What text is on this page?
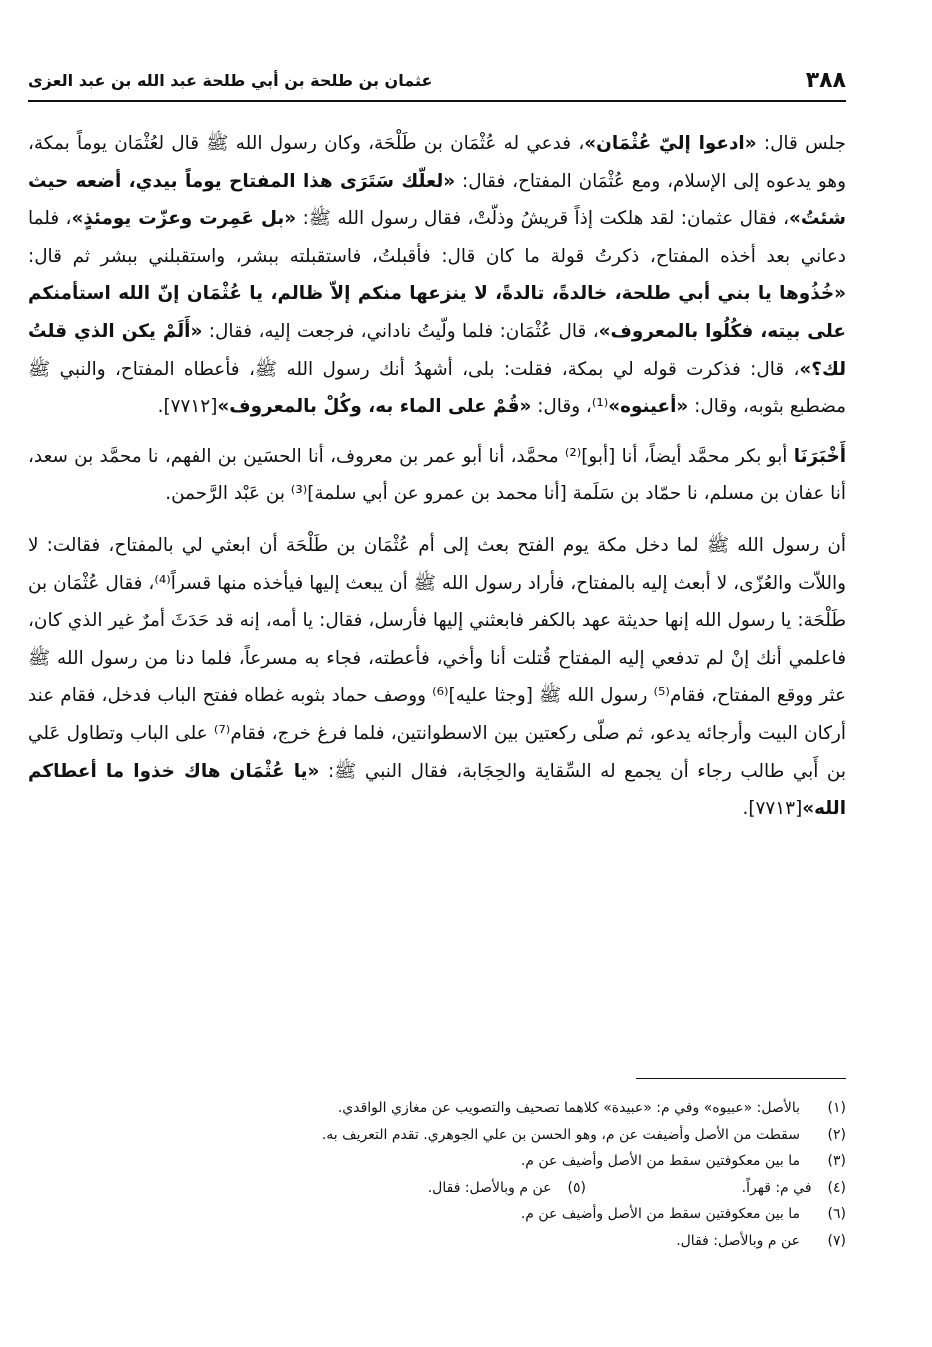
٣٨٨
عثمان بن طلحة بن أبي طلحة عبد الله بن عبد العزى

جلس قال: «ادعوا إليّ عُثْمَان»، فدعي له عُثْمَان بن طَلْحَة، وكان رسول الله ﷺ قال لعُثْمَان يوماً بمكة، وهو يدعوه إلى الإسلام، ومع عُثْمَان المفتاح، فقال: «لعلّك سَتَرَى هذا المفتاح يوماً بيدي، أضعه حيث شئتُ»، فقال عثمان: لقد هلكت إذاً قريشُ وذلّتْ، فقال رسول الله ﷺ: «بل عَمِرت وعزّت يومئذٍ»، فلما دعاني بعد أخذه المفتاح، ذكرتُ قولة ما كان قال: فأقبلتُ، فاستقبلته ببشر، واستقبلني ببشر ثم قال: «خُذُوها يا بني أبي طلحة، خالدةً، تالدةً، لا ينزعها منكم إلاّ ظالم، يا عُثْمَان إنّ الله استأمنكم على بيته، فكُلُوا بالمعروف»، قال عُثْمَان: فلما ولّيتُ ناداني، فرجعت إليه، فقال: «أَلَمْ يكن الذي قلتُ لك؟»، قال: فذكرت قوله لي بمكة، فقلت: بلى، أشهدُ أنك رسول الله ﷺ، فأعطاه المفتاح، والنبي ﷺ مضطبع بثوبه، وقال: «أعينوه»⁽¹⁾، وقال: «قُمْ على الماء به، وكُلْ بالمعروف»[٧٧١٢].

أَخْبَرَنَا أبو بكر محمَّد أيضاً، أنا [أبو]⁽²⁾ محمَّد، أنا أبو عمر بن معروف، أنا الحسَين بن الفهم، نا محمَّد بن سعد، أنا عفان بن مسلم، نا حمّاد بن سَلَمة [أنا محمد بن عمرو عن أبي سلمة]⁽³⁾ بن عَبْد الرَّحمن.

أن رسول الله ﷺ لما دخل مكة يوم الفتح بعث إلى أم عُثْمَان بن طَلْحَة أن ابعثي لي بالمفتاح، فقالت: لا واللاّت والعُزّى، لا أبعث إليه بالمفتاح، فأراد رسول الله ﷺ أن يبعث إليها فيأخذه منها قسراً⁽⁴⁾، فقال عُثْمَان بن طَلْحَة: يا رسول الله إنها حديثة عهد بالكفر فابعثني إليها فأرسل، فقال: يا أمه، إنه قد حَدَثَ أمرٌ غير الذي كان، فاعلمي أنك إنْ لم تدفعي إليه المفتاح قُتلت أنا وأخي، فأعطته، فجاء به مسرعاً، فلما دنا من رسول الله ﷺ عثر ووقع المفتاح، فقام⁽⁵⁾ رسول الله ﷺ [وجثا عليه]⁽⁶⁾ ووصف حماد بثوبه غطاه ففتح الباب فدخل، فقام عند أركان البيت وأرجائه يدعو، ثم صلّى ركعتين بين الاسطوانتين، فلما فرغ خرج، فقام⁽⁷⁾ على الباب وتطاول عَلي بن أَبي طالب رجاء أن يجمع له السِّقاية والحِجَابة، فقال النبي ﷺ: «يا عُثْمَان هاك خذوا ما أعطاكم الله»[٧٧١٣].

(١)
بالأصل: «عبيوه» وفي م: «عبيدة» كلاهما تصحيف والتصويب عن مغازي الواقدي.
(٢)
سقطت من الأصل وأضيفت عن م، وهو الحسن بن علي الجوهري. تقدم التعريف به.
(٣)
ما بين معكوفتين سقط من الأصل وأضيف عن م.
(٤)
في م: قهراً.
(٥)
عن م وبالأصل: فقال.
(٦)
ما بين معكوفتين سقط من الأصل وأضيف عن م.
(٧)
عن م وبالأصل: فقال.
